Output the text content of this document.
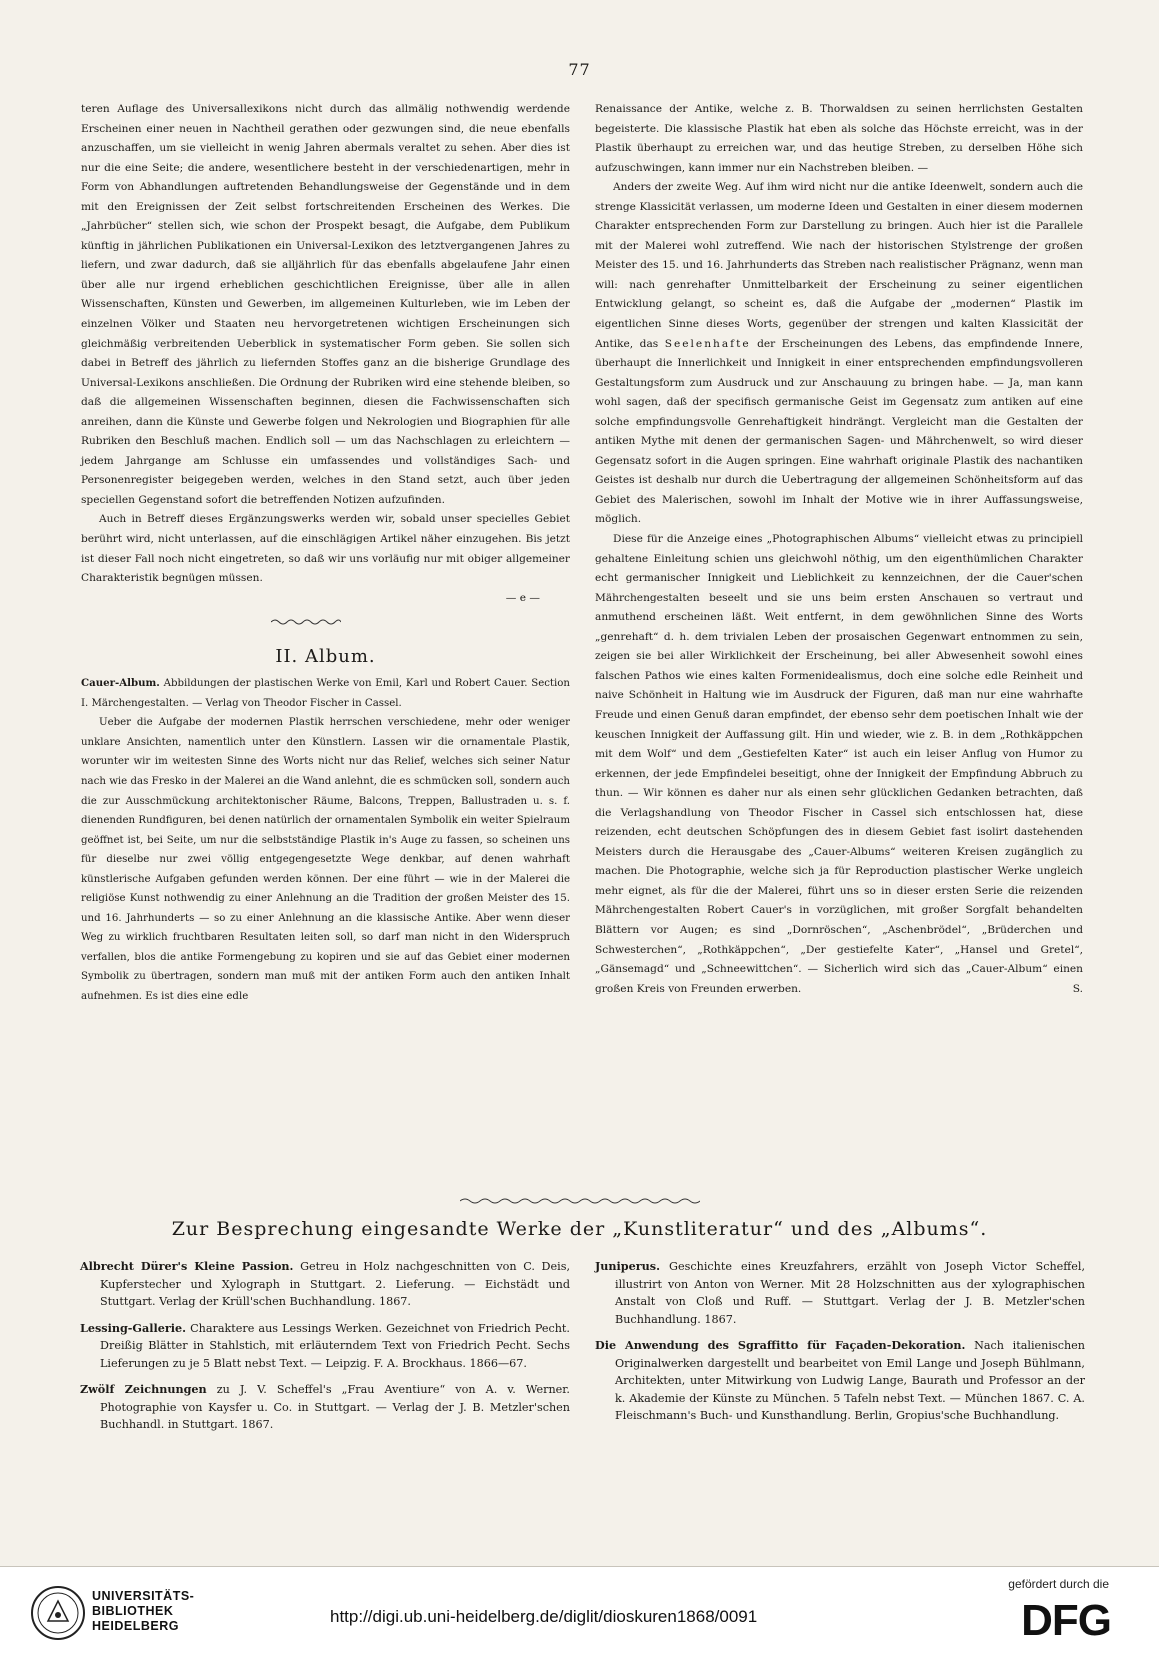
77

teren Auflage des Universallexikons nicht durch das allmälig nothwendig werdende Erscheinen einer neuen in Nachtheil gerathen oder gezwungen sind, die neue ebenfalls anzuschaffen, um sie vielleicht in wenig Jahren abermals veraltet zu sehen. Aber dies ist nur die eine Seite; die andere, wesentlichere besteht in der verschiedenartigen, mehr in Form von Abhandlungen auftretenden Behandlungsweise der Gegenstände und in dem mit den Ereignissen der Zeit selbst fortschreitenden Erscheinen des Werkes. Die „Jahrbücher“ stellen sich, wie schon der Prospekt besagt, die Aufgabe, dem Publikum künftig in jährlichen Publikationen ein Universal-Lexikon des letztvergangenen Jahres zu liefern, und zwar dadurch, daß sie alljährlich für das ebenfalls abgelaufene Jahr einen über alle nur irgend erheblichen geschichtlichen Ereignisse, über alle in allen Wissenschaften, Künsten und Gewerben, im allgemeinen Kulturleben, wie im Leben der einzelnen Völker und Staaten neu hervorgetretenen wichtigen Erscheinungen sich gleichmäßig verbreitenden Ueberblick in systematischer Form geben. Sie sollen sich dabei in Betreff des jährlich zu liefernden Stoffes ganz an die bisherige Grundlage des Universal-Lexikons anschließen. Die Ordnung der Rubriken wird eine stehende bleiben, so daß die allgemeinen Wissenschaften beginnen, diesen die Fachwissenschaften sich anreihen, dann die Künste und Gewerbe folgen und Nekrologien und Biographien für alle Rubriken den Beschluß machen. Endlich soll — um das Nachschlagen zu erleichtern — jedem Jahrgange am Schlusse ein umfassendes und vollständiges Sach- und Personenregister beigegeben werden, welches in den Stand setzt, auch über jeden speciellen Gegenstand sofort die betreffenden Notizen aufzufinden.

Auch in Betreff dieses Ergänzungswerks werden wir, sobald unser specielles Gebiet berührt wird, nicht unterlassen, auf die einschlägigen Artikel näher einzugehen. Bis jetzt ist dieser Fall noch nicht eingetreten, so daß wir uns vorläufig nur mit obiger allgemeiner Charakteristik begnügen müssen.

— e —

II. Album.

Cauer-Album. Abbildungen der plastischen Werke von Emil, Karl und Robert Cauer. Section I. Märchengestalten. — Verlag von Theodor Fischer in Cassel.

Ueber die Aufgabe der modernen Plastik herrschen verschiedene, mehr oder weniger unklare Ansichten, namentlich unter den Künstlern. Lassen wir die ornamentale Plastik, worunter wir im weitesten Sinne des Worts nicht nur das Relief, welches sich seiner Natur nach wie das Fresko in der Malerei an die Wand anlehnt, die es schmücken soll, sondern auch die zur Ausschmückung architektonischer Räume, Balcons, Treppen, Ballustraden u. s. f. dienenden Rundfiguren, bei denen natürlich der ornamentalen Symbolik ein weiter Spielraum geöffnet ist, bei Seite, um nur die selbstständige Plastik in's Auge zu fassen, so scheinen uns für dieselbe nur zwei völlig entgegengesetzte Wege denkbar, auf denen wahrhaft künstlerische Aufgaben gefunden werden können. Der eine führt — wie in der Malerei die religiöse Kunst nothwendig zu einer Anlehnung an die Tradition der großen Meister des 15. und 16. Jahrhunderts — so zu einer Anlehnung an die klassische Antike. Aber wenn dieser Weg zu wirklich fruchtbaren Resultaten leiten soll, so darf man nicht in den Widerspruch verfallen, blos die antike Formengebung zu kopiren und sie auf das Gebiet einer modernen Symbolik zu übertragen, sondern man muß mit der antiken Form auch den antiken Inhalt aufnehmen. Es ist dies eine edle

Renaissance der Antike, welche z. B. Thorwaldsen zu seinen herrlichsten Gestalten begeisterte. Die klassische Plastik hat eben als solche das Höchste erreicht, was in der Plastik überhaupt zu erreichen war, und das heutige Streben, zu derselben Höhe sich aufzuschwingen, kann immer nur ein Nachstreben bleiben. —

Anders der zweite Weg. Auf ihm wird nicht nur die antike Ideenwelt, sondern auch die strenge Klassicität verlassen, um moderne Ideen und Gestalten in einer diesem modernen Charakter entsprechenden Form zur Darstellung zu bringen. Auch hier ist die Parallele mit der Malerei wohl zutreffend. Wie nach der historischen Stylstrenge der großen Meister des 15. und 16. Jahrhunderts das Streben nach realistischer Prägnanz, wenn man will: nach genrehafter Unmittelbarkeit der Erscheinung zu seiner eigentlichen Entwicklung gelangt, so scheint es, daß die Aufgabe der „modernen“ Plastik im eigentlichen Sinne dieses Worts, gegenüber der strengen und kalten Klassicität der Antike, das Seelenhafte der Erscheinungen des Lebens, das empfindende Innere, überhaupt die Innerlichkeit und Innigkeit in einer entsprechenden empfindungsvolleren Gestaltungsform zum Ausdruck und zur Anschauung zu bringen habe. — Ja, man kann wohl sagen, daß der specifisch germanische Geist im Gegensatz zum antiken auf eine solche empfindungsvolle Genrehaftigkeit hindrängt. Vergleicht man die Gestalten der antiken Mythe mit denen der germanischen Sagen- und Mährchenwelt, so wird dieser Gegensatz sofort in die Augen springen. Eine wahrhaft originale Plastik des nachantiken Geistes ist deshalb nur durch die Uebertragung der allgemeinen Schönheitsform auf das Gebiet des Malerischen, sowohl im Inhalt der Motive wie in ihrer Auffassungsweise, möglich.

Diese für die Anzeige eines „Photographischen Albums“ vielleicht etwas zu principiell gehaltene Einleitung schien uns gleichwohl nöthig, um den eigenthümlichen Charakter echt germanischer Innigkeit und Lieblichkeit zu kennzeichnen, der die Cauer'schen Mährchengestalten beseelt und sie uns beim ersten Anschauen so vertraut und anmuthend erscheinen läßt. Weit entfernt, in dem gewöhnlichen Sinne des Worts „genrehaft“ d. h. dem trivialen Leben der prosaischen Gegenwart entnommen zu sein, zeigen sie bei aller Wirklichkeit der Erscheinung, bei aller Abwesenheit sowohl eines falschen Pathos wie eines kalten Formenidealismus, doch eine solche edle Reinheit und naive Schönheit in Haltung wie im Ausdruck der Figuren, daß man nur eine wahrhafte Freude und einen Genuß daran empfindet, der ebenso sehr dem poetischen Inhalt wie der keuschen Innigkeit der Auffassung gilt. Hin und wieder, wie z. B. in dem „Rothkäppchen mit dem Wolf“ und dem „Gestiefelten Kater“ ist auch ein leiser Anflug von Humor zu erkennen, der jede Empfindelei beseitigt, ohne der Innigkeit der Empfindung Abbruch zu thun. — Wir können es daher nur als einen sehr glücklichen Gedanken betrachten, daß die Verlagshandlung von Theodor Fischer in Cassel sich entschlossen hat, diese reizenden, echt deutschen Schöpfungen des in diesem Gebiet fast isolirt dastehenden Meisters durch die Herausgabe des „Cauer-Albums“ weiteren Kreisen zugänglich zu machen. Die Photographie, welche sich ja für Reproduction plastischer Werke ungleich mehr eignet, als für die der Malerei, führt uns so in dieser ersten Serie die reizenden Mährchengestalten Robert Cauer's in vorzüglichen, mit großer Sorgfalt behandelten Blättern vor Augen; es sind „Dornröschen“, „Aschenbrödel“, „Brüderchen und Schwesterchen“, „Rothkäppchen“, „Der gestiefelte Kater“, „Hansel und Gretel“, „Gänsemagd“ und „Schneewittchen“. — Sicherlich wird sich das „Cauer-Album“ einen großen Kreis von Freunden erwerben.	S.

Zur Besprechung eingesandte Werke der „Kunstliteratur“ und des „Albums“.

Albrecht Dürer's Kleine Passion. Getreu in Holz nachgeschnitten von C. Deis, Kupferstecher und Xylograph in Stuttgart. 2. Lieferung. — Eichstädt und Stuttgart. Verlag der Krüll'schen Buchhandlung. 1867.

Lessing-Gallerie. Charaktere aus Lessings Werken. Gezeichnet von Friedrich Pecht. Dreißig Blätter in Stahlstich, mit erläuterndem Text von Friedrich Pecht. Sechs Lieferungen zu je 5 Blatt nebst Text. — Leipzig. F. A. Brockhaus. 1866—67.

Zwölf Zeichnungen zu J. V. Scheffel's „Frau Aventiure“ von A. v. Werner. Photographie von Kaysfer u. Co. in Stuttgart. — Verlag der J. B. Metzler'schen Buchhandl. in Stuttgart. 1867.

Juniperus. Geschichte eines Kreuzfahrers, erzählt von Joseph Victor Scheffel, illustrirt von Anton von Werner. Mit 28 Holzschnitten aus der xylographischen Anstalt von Cloß und Ruff. — Stuttgart. Verlag der J. B. Metzler'schen Buchhandlung. 1867.

Die Anwendung des Sgraffitto für Façaden-Dekoration. Nach italienischen Originalwerken dargestellt und bearbeitet von Emil Lange und Joseph Bühlmann, Architekten, unter Mitwirkung von Ludwig Lange, Baurath und Professor an der k. Akademie der Künste zu München. 5 Tafeln nebst Text. — München 1867. C. A. Fleischmann's Buch- und Kunsthandlung. Berlin, Gropius'sche Buchhandlung.

UNIVERSITÄTS-
BIBLIOTHEK
HEIDELBERG	http://digi.ub.uni-heidelberg.de/diglit/dioskuren1868/0091
gefördert durch die
DFG
